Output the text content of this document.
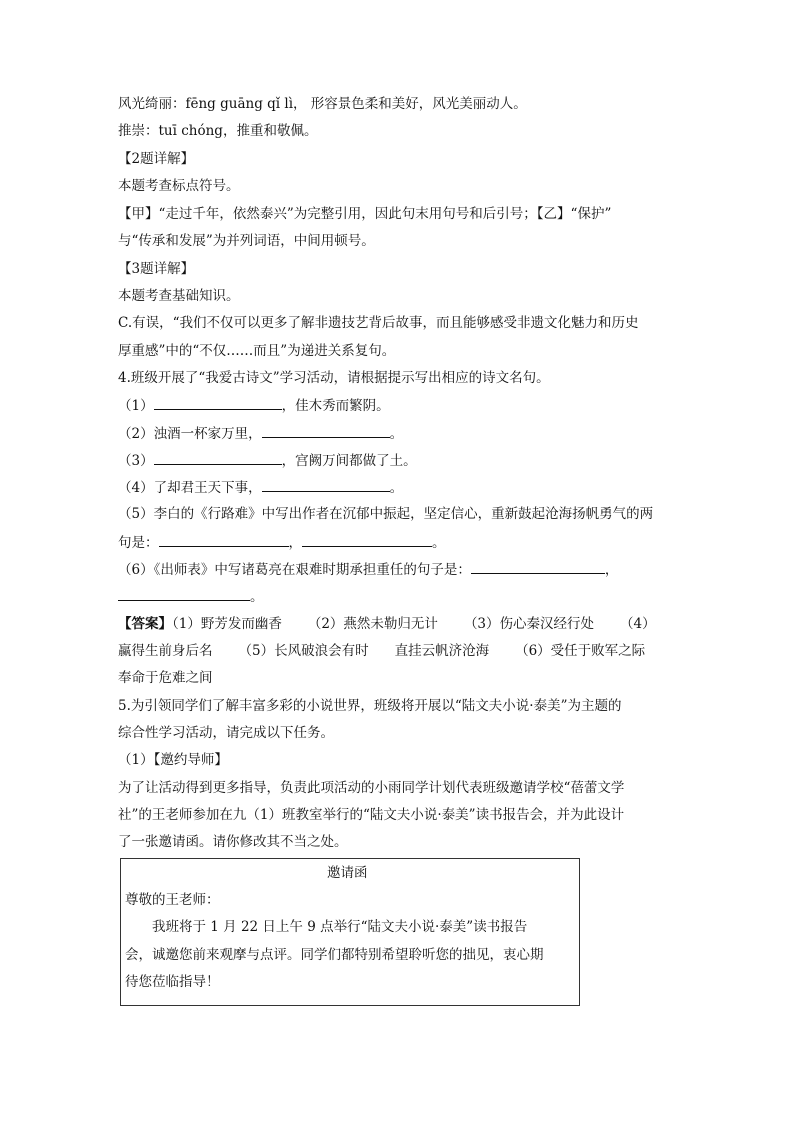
风光绮丽：fēng guāng qǐ lì， 形容景色柔和美好，风光美丽动人。

推崇：tuī chóng，推重和敬佩。

【2题详解】

本题考查标点符号。

【甲】“走过千年，依然泰兴”为完整引用，因此句末用句号和后引号；【乙】“保护”

与“传承和发展”为并列词语，中间用顿号。

【3题详解】

本题考查基础知识。

C.有误，“我们不仅可以更多了解非遗技艺背后故事，而且能够感受非遗文化魅力和历史

厚重感”中的“不仅……而且”为递进关系复句。

4.班级开展了“我爱古诗文”学习活动，请根据提示写出相应的诗文名句。

（1）	，佳木秀而繁阴。

（2）浊酒一杯家万里，	。

（3）	，宫阙万间都做了土。

（4）了却君王天下事，	。

（5）李白的《行路难》中写出作者在沉郁中振起，坚定信心，重新鼓起沧海扬帆勇气的两

句是：	，	。

（6）《出师表》中写诸葛亮在艰难时期承担重任的句子是：	，

。

【答案】（1）野芳发而幽香 （2）燕然未勒归无计 （3）伤心秦汉经行处 （4）

赢得生前身后名 （5）长风破浪会有时 直挂云帆济沧海 （6）受任于败军之际

奉命于危难之间

5.为引领同学们了解丰富多彩的小说世界，班级将开展以“陆文夫小说·泰美”为主题的

综合性学习活动，请完成以下任务。

（1）【邀约导师】

为了让活动得到更多指导，负责此项活动的小雨同学计划代表班级邀请学校“蓓蕾文学

社”的王老师参加在九（1）班教室举行的“陆文夫小说·泰美”读书报告会，并为此设计

了一张邀请函。请你修改其不当之处。

邀请函
尊敬的王老师：
我班将于 1 月 22 日上午 9 点举行“陆文夫小说·泰美”读书报告
会，诚邀您前来观摩与点评。同学们都特别希望聆听您的拙见，衷心期
待您莅临指导！
